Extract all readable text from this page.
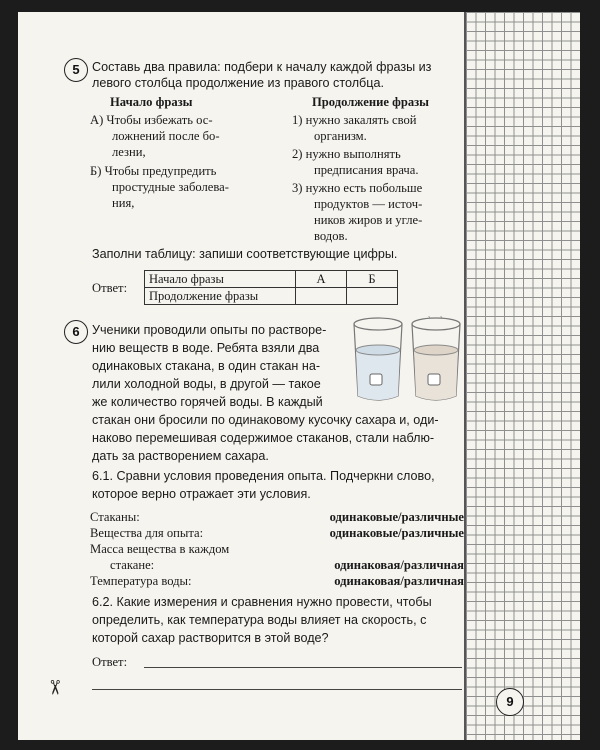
5 Составь два правила: подбери к началу каждой фразы из
левого столбца продолжение из правого столбца.
Начало фразы	Продолжение фразы
А) Чтобы избежать ос-
ложнений после бо-
лезни,
Б) Чтобы предупредить
простудные заболева-
ния,
1) нужно закалять свой
организм.
2) нужно выполнять
предписания врача.
3) нужно есть побольше
продуктов — источ-
ников жиров и угле-
водов.
Заполни таблицу: запиши соответствующие цифры.
Ответ:
Начало фразы	А	Б
Продолжение фразы		
6 Ученики проводили опыты по растворе-
нию веществ в воде. Ребята взяли два
одинаковых стакана, в один стакан на-
лили холодной воды, в другой — такое
же количество горячей воды. В каждый
стакан они бросили по одинаковому кусочку сахара и, оди-
наково перемешивая содержимое стаканов, стали наблю-
дать за растворением сахара.
6.1. Сравни условия проведения опыта. Подчеркни слово,
которое верно отражает эти условия.
Стаканы:	одинаковые/различные
Вещества для опыта:	одинаковые/различные
Масса вещества в каждом
стакане:	одинаковая/различная
Температура воды:	одинаковая/различная
6.2. Какие измерения и сравнения нужно провести, чтобы
определить, как температура воды влияет на скорость, с
которой сахар растворится в этой воде?
Ответ:
✂
9
